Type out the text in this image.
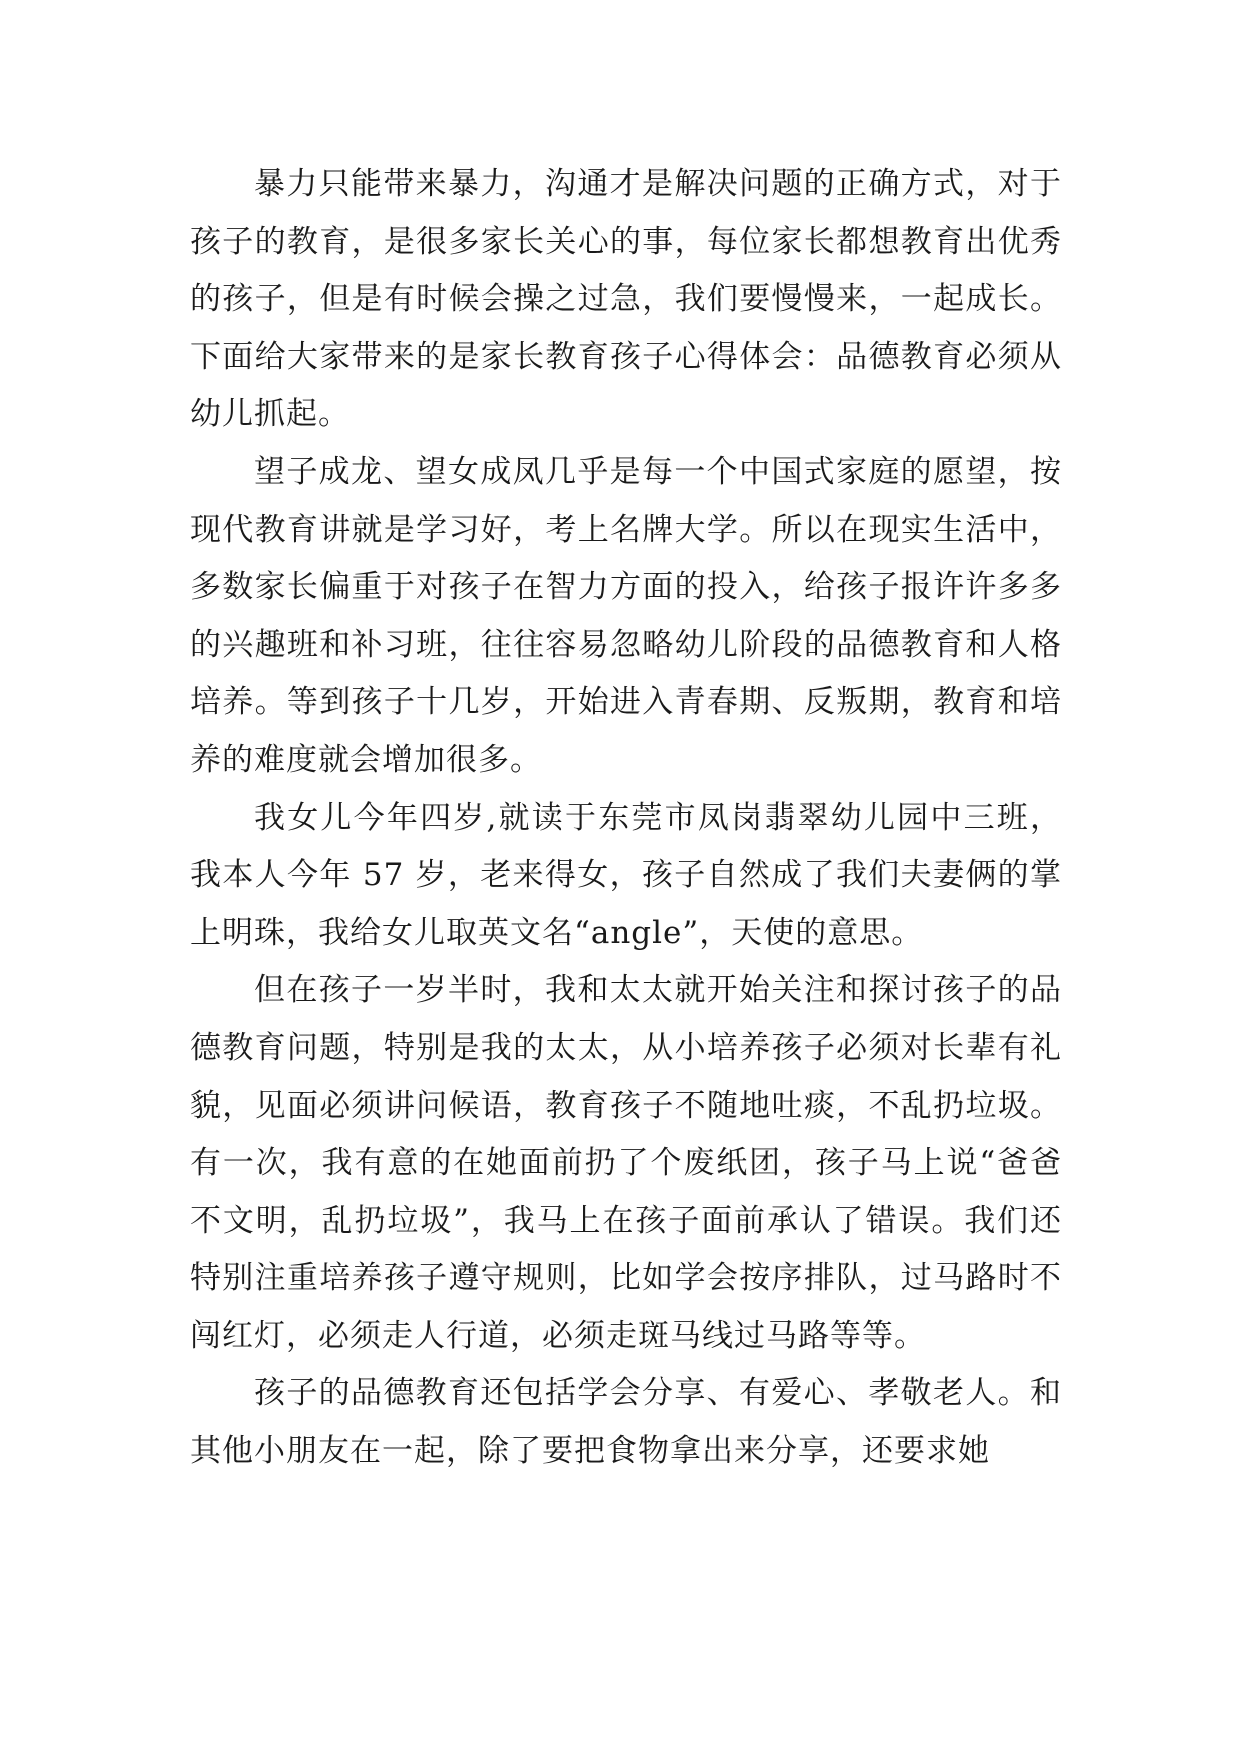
暴力只能带来暴力，沟通才是解决问题的正确方式，对于孩子的教育，是很多家长关心的事，每位家长都想教育出优秀的孩子，但是有时候会操之过急，我们要慢慢来，一起成长。下面给大家带来的是家长教育孩子心得体会：品德教育必须从幼儿抓起。

望子成龙、望女成凤几乎是每一个中国式家庭的愿望，按现代教育讲就是学习好，考上名牌大学。所以在现实生活中，多数家长偏重于对孩子在智力方面的投入，给孩子报许许多多的兴趣班和补习班，往往容易忽略幼儿阶段的品德教育和人格培养。等到孩子十几岁，开始进入青春期、反叛期，教育和培养的难度就会增加很多。

我女儿今年四岁,就读于东莞市凤岗翡翠幼儿园中三班，我本人今年 57 岁，老来得女，孩子自然成了我们夫妻俩的掌上明珠，我给女儿取英文名“angle”，天使的意思。

但在孩子一岁半时，我和太太就开始关注和探讨孩子的品德教育问题，特别是我的太太，从小培养孩子必须对长辈有礼貌，见面必须讲问候语，教育孩子不随地吐痰，不乱扔垃圾。有一次，我有意的在她面前扔了个废纸团，孩子马上说“爸爸不文明，乱扔垃圾”，我马上在孩子面前承认了错误。我们还特别注重培养孩子遵守规则，比如学会按序排队，过马路时不闯红灯，必须走人行道，必须走斑马线过马路等等。

孩子的品德教育还包括学会分享、有爱心、孝敬老人。和其他小朋友在一起，除了要把食物拿出来分享，还要求她
